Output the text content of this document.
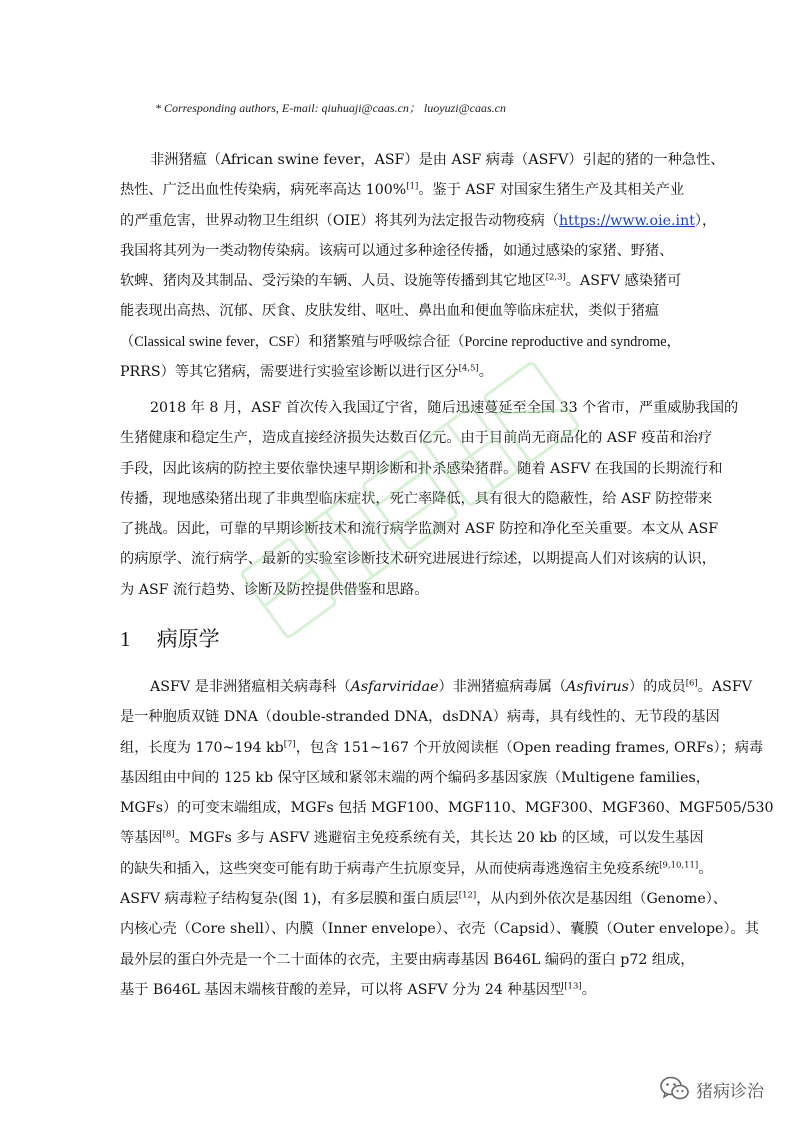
* Corresponding authors, E-mail: qiuhuaji@caas.cn； luoyuzi@caas.cn
非洲猪瘟（African swine fever，ASF）是由 ASF 病毒（ASFV）引起的猪的一种急性、
热性、广泛出血性传染病，病死率高达 100%[1]。鉴于 ASF 对国家生猪生产及其相关产业
的严重危害，世界动物卫生组织（OIE）将其列为法定报告动物疫病（https://www.oie.int），
我国将其列为一类动物传染病。该病可以通过多种途径传播，如通过感染的家猪、野猪、
软蜱、猪肉及其制品、受污染的车辆、人员、设施等传播到其它地区[2,3]。ASFV 感染猪可
能表现出高热、沉郁、厌食、皮肤发绀、呕吐、鼻出血和便血等临床症状，类似于猪瘟
（Classical swine fever，CSF）和猪繁殖与呼吸综合征（Porcine reproductive and syndrome，
PRRS）等其它猪病，需要进行实验室诊断以进行区分[4,5]。
2018 年 8 月，ASF 首次传入我国辽宁省，随后迅速蔓延至全国 33 个省市，严重威胁我国的
生猪健康和稳定生产，造成直接经济损失达数百亿元。由于目前尚无商品化的 ASF 疫苗和治疗
手段，因此该病的防控主要依靠快速早期诊断和扑杀感染猪群。随着 ASFV 在我国的长期流行和
传播，现地感染猪出现了非典型临床症状，死亡率降低，具有很大的隐蔽性，给 ASF 防控带来
了挑战。因此，可靠的早期诊断技术和流行病学监测对 ASF 防控和净化至关重要。本文从 ASF
的病原学、流行病学、最新的实验室诊断技术研究进展进行综述，以期提高人们对该病的认识，
为 ASF 流行趋势、诊断及防控提供借鉴和思路。
1 病原学
ASFV 是非洲猪瘟相关病毒科（Asfarviridae）非洲猪瘟病毒属（Asfivirus）的成员[6]。ASFV
是一种胞质双链 DNA（double-stranded DNA，dsDNA）病毒，具有线性的、无节段的基因
组，长度为 170~194 kb[7]，包含 151~167 个开放阅读框（Open reading frames, ORFs）；病毒
基因组由中间的 125 kb 保守区域和紧邻末端的两个编码多基因家族（Multigene families，
MGFs）的可变末端组成，MGFs 包括 MGF100、MGF110、MGF300、MGF360、MGF505/530
等基因[8]。MGFs 多与 ASFV 逃避宿主免疫系统有关，其长达 20 kb 的区域，可以发生基因
的缺失和插入，这些突变可能有助于病毒产生抗原变异，从而使病毒逃逸宿主免疫系统[9,10,11]。
ASFV 病毒粒子结构复杂(图 1)，有多层膜和蛋白质层[12]，从内到外依次是基因组（Genome）、
内核心壳（Core shell）、内膜（Inner envelope）、衣壳（Capsid）、囊膜（Outer envelope）。其
最外层的蛋白外壳是一个二十面体的衣壳，主要由病毒基因 B646L 编码的蛋白 p72 组成，
基于 B646L 基因末端核苷酸的差异，可以将 ASFV 分为 24 种基因型[13]。
猪病诊治
